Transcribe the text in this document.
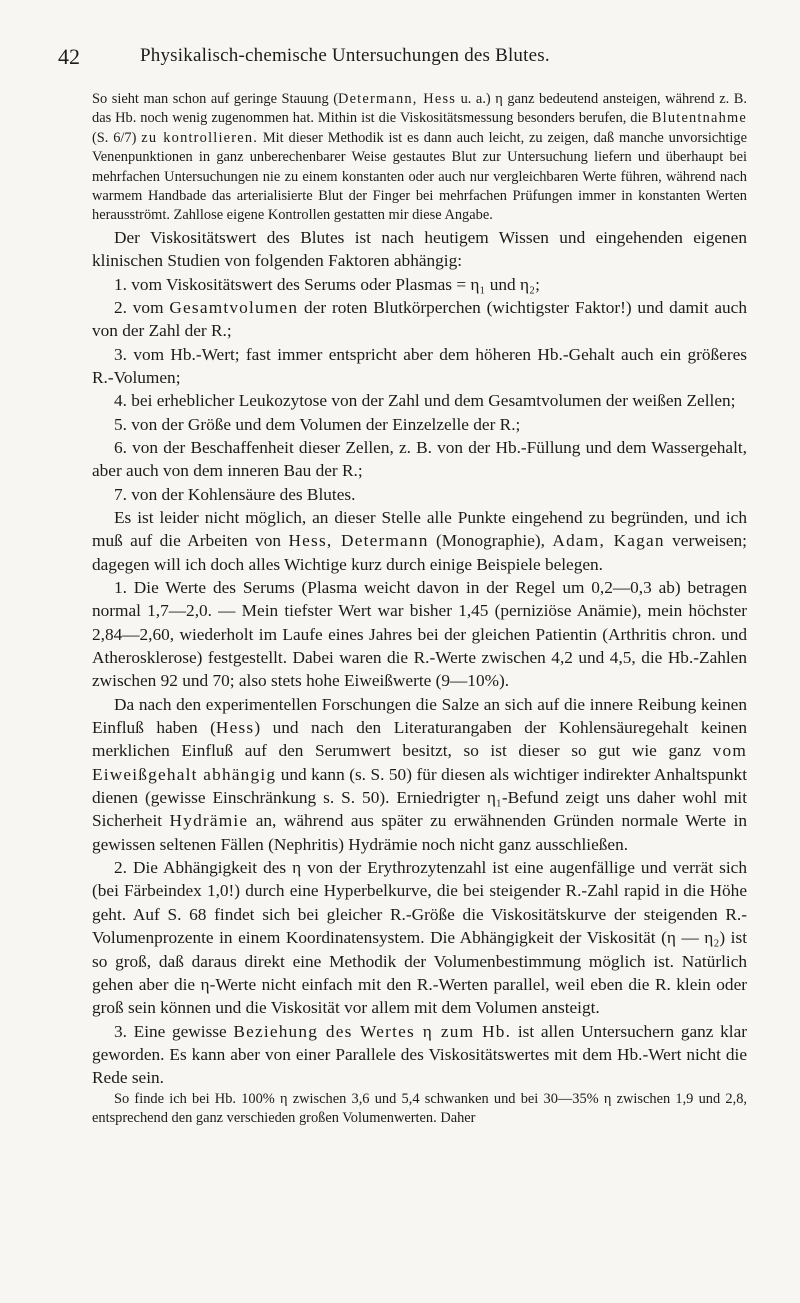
42	Physikalisch-chemische Untersuchungen des Blutes.

So sieht man schon auf geringe Stauung (Determann, Hess u. a.) η ganz bedeutend ansteigen, während z. B. das Hb. noch wenig zugenommen hat. Mithin ist die Viskositätsmessung besonders berufen, die Blutentnahme (S. 6/7) zu kontrollieren. Mit dieser Methodik ist es dann auch leicht, zu zeigen, daß manche unvorsichtige Venenpunktionen in ganz unberechenbarer Weise gestautes Blut zur Untersuchung liefern und überhaupt bei mehrfachen Untersuchungen nie zu einem konstanten oder auch nur vergleichbaren Werte führen, während nach warmem Handbade das arterialisierte Blut der Finger bei mehrfachen Prüfungen immer in konstanten Werten herausströmt. Zahllose eigene Kontrollen gestatten mir diese Angabe.

Der Viskositätswert des Blutes ist nach heutigem Wissen und eingehenden eigenen klinischen Studien von folgenden Faktoren abhängig:

1. vom Viskositätswert des Serums oder Plasmas = η₁ und η₂;

2. vom Gesamtvolumen der roten Blutkörperchen (wichtigster Faktor!) und damit auch von der Zahl der R.;

3. vom Hb.-Wert; fast immer entspricht aber dem höheren Hb.-Gehalt auch ein größeres R.-Volumen;

4. bei erheblicher Leukozytose von der Zahl und dem Gesamtvolumen der weißen Zellen;

5. von der Größe und dem Volumen der Einzelzelle der R.;

6. von der Beschaffenheit dieser Zellen, z. B. von der Hb.-Füllung und dem Wassergehalt, aber auch von dem inneren Bau der R.;

7. von der Kohlensäure des Blutes.

Es ist leider nicht möglich, an dieser Stelle alle Punkte eingehend zu begründen, und ich muß auf die Arbeiten von Hess, Determann (Monographie), Adam, Kagan verweisen; dagegen will ich doch alles Wichtige kurz durch einige Beispiele belegen.

1. Die Werte des Serums (Plasma weicht davon in der Regel um 0,2—0,3 ab) betragen normal 1,7—2,0. — Mein tiefster Wert war bisher 1,45 (perniziöse Anämie), mein höchster 2,84—2,60, wiederholt im Laufe eines Jahres bei der gleichen Patientin (Arthritis chron. und Atherosklerose) festgestellt. Dabei waren die R.-Werte zwischen 4,2 und 4,5, die Hb.-Zahlen zwischen 92 und 70; also stets hohe Eiweißwerte (9—10%).

Da nach den experimentellen Forschungen die Salze an sich auf die innere Reibung keinen Einfluß haben (Hess) und nach den Literaturangaben der Kohlensäuregehalt keinen merklichen Einfluß auf den Serumwert besitzt, so ist dieser so gut wie ganz vom Eiweißgehalt abhängig und kann (s. S. 50) für diesen als wichtiger indirekter Anhaltspunkt dienen (gewisse Einschränkung s. S. 50). Erniedrigter η₁-Befund zeigt uns daher wohl mit Sicherheit Hydrämie an, während aus später zu erwähnenden Gründen normale Werte in gewissen seltenen Fällen (Nephritis) Hydrämie noch nicht ganz ausschließen.

2. Die Abhängigkeit des η von der Erythrozytenzahl ist eine augenfällige und verrät sich (bei Färbeindex 1,0!) durch eine Hyperbelkurve, die bei steigender R.-Zahl rapid in die Höhe geht. Auf S. 68 findet sich bei gleicher R.-Größe die Viskositätskurve der steigenden R.-Volumenprozente in einem Koordinatensystem. Die Abhängigkeit der Viskosität (η — η₂) ist so groß, daß daraus direkt eine Methodik der Volumenbestimmung möglich ist. Natürlich gehen aber die η-Werte nicht einfach mit den R.-Werten parallel, weil eben die R. klein oder groß sein können und die Viskosität vor allem mit dem Volumen ansteigt.

3. Eine gewisse Beziehung des Wertes η zum Hb. ist allen Untersuchern ganz klar geworden. Es kann aber von einer Parallele des Viskositätswertes mit dem Hb.-Wert nicht die Rede sein.

So finde ich bei Hb. 100% η zwischen 3,6 und 5,4 schwanken und bei 30—35% η zwischen 1,9 und 2,8, entsprechend den ganz verschieden großen Volumenwerten. Daher
